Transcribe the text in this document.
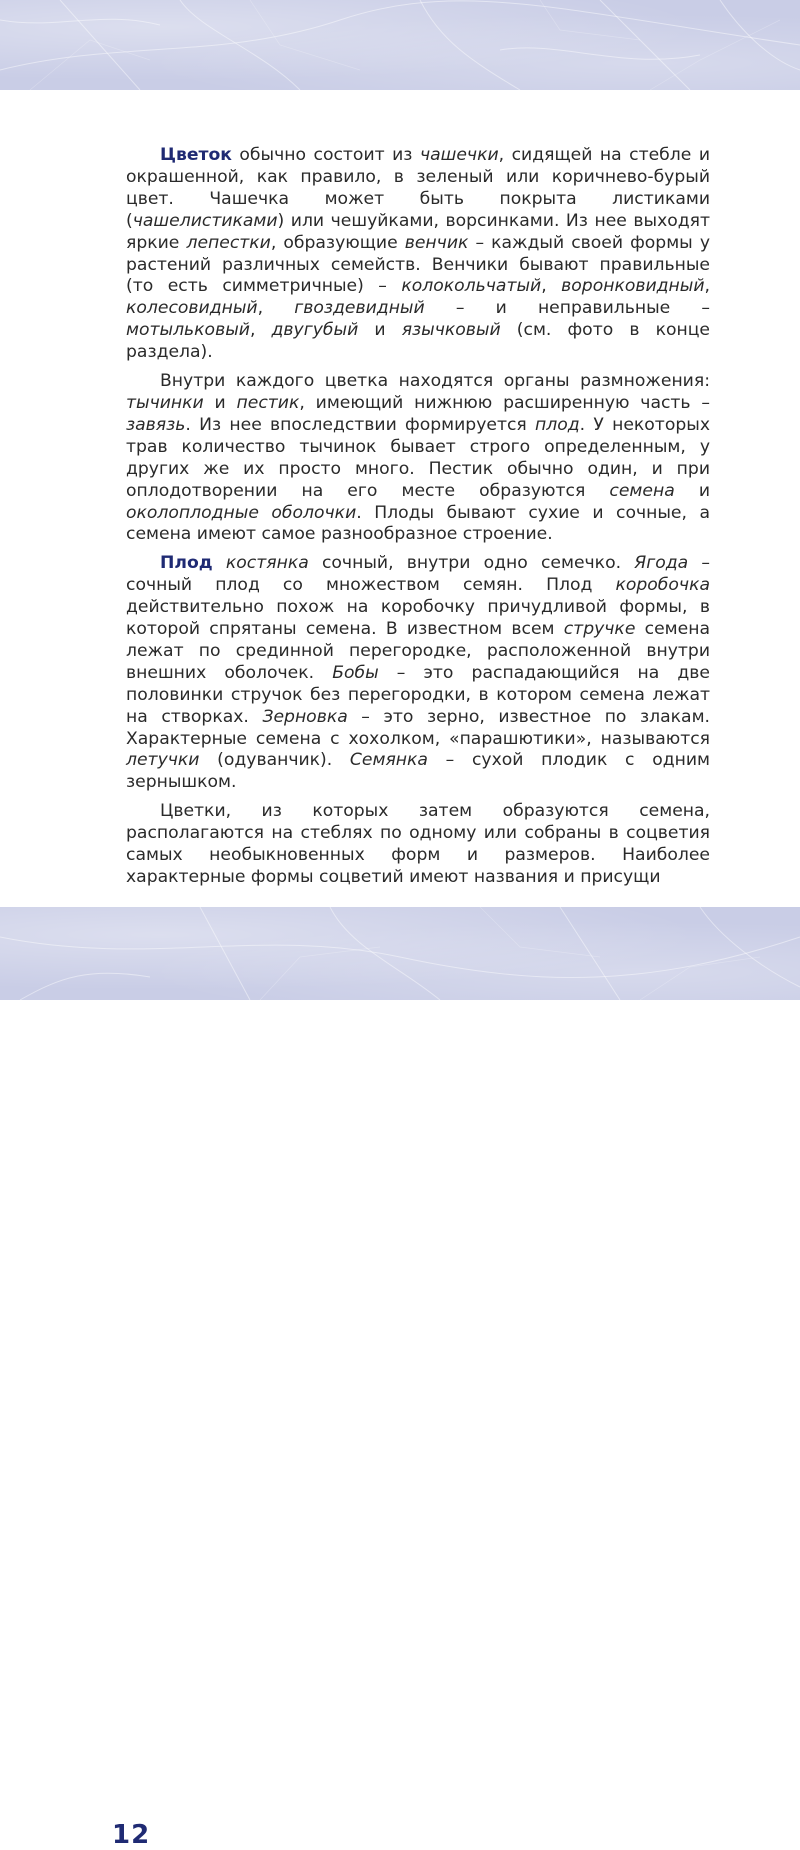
Цветок обычно состоит из чашечки, сидящей на стебле и окрашенной, как правило, в зеленый или коричнево-бурый цвет. Чашечка может быть покрыта листиками (чашелистиками) или чешуйками, ворсинками. Из нее выходят яркие лепестки, образующие венчик – каждый своей формы у растений различных семейств. Венчики бывают правильные (то есть симметричные) – колокольчатый, воронковидный, колесовидный, гвоздевидный – и неправильные – мотыльковый, двугубый и язычковый (см. фото в конце раздела).

Внутри каждого цветка находятся органы размножения: тычинки и пестик, имеющий нижнюю расширенную часть – завязь. Из нее впоследствии формируется плод. У некоторых трав количество тычинок бывает строго определенным, у других же их просто много. Пестик обычно один, и при оплодотворении на его месте образуются семена и околоплодные оболочки. Плоды бывают сухие и сочные, а семена имеют самое разнообразное строение.

Плод костянка сочный, внутри одно семечко. Ягода – сочный плод со множеством семян. Плод коробочка действительно похож на коробочку причудливой формы, в которой спрятаны семена. В известном всем стручке семена лежат по срединной перегородке, расположенной внутри внешних оболочек. Бобы – это распадающийся на две половинки стручок без перегородки, в котором семена лежат на створках. Зерновка – это зерно, известное по злакам. Характерные семена с хохолком, «парашютики», называются летучки (одуванчик). Семянка – сухой плодик с одним зернышком.

Цветки, из которых затем образуются семена, располагаются на стеблях по одному или собраны в соцветия самых необыкновенных форм и размеров. Наиболее характерные формы соцветий имеют названия и присущи

12
